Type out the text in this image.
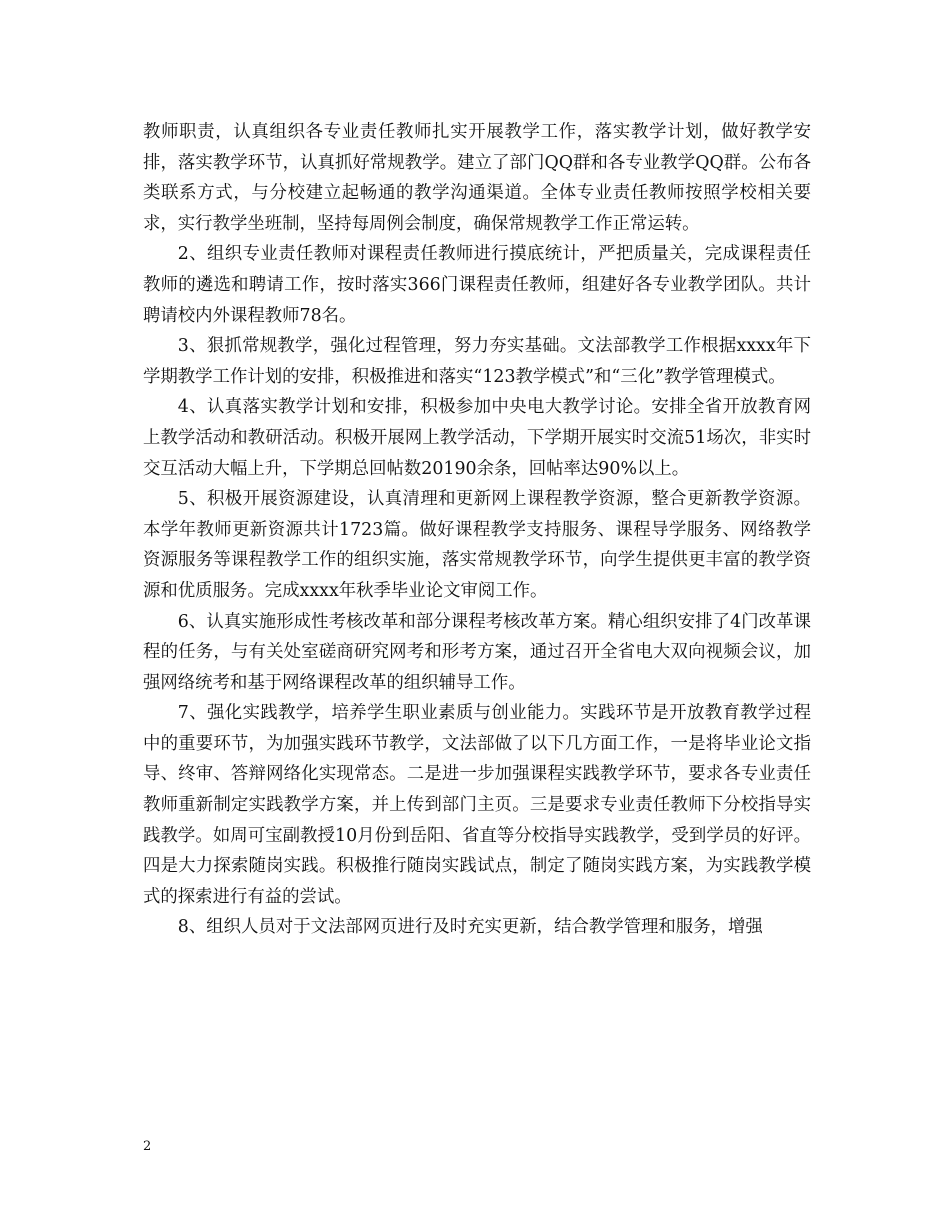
教师职责，认真组织各专业责任教师扎实开展教学工作，落实教学计划，做好教学安排，落实教学环节，认真抓好常规教学。建立了部门QQ群和各专业教学QQ群。公布各类联系方式，与分校建立起畅通的教学沟通渠道。全体专业责任教师按照学校相关要求，实行教学坐班制，坚持每周例会制度，确保常规教学工作正常运转。

2、组织专业责任教师对课程责任教师进行摸底统计，严把质量关，完成课程责任教师的遴选和聘请工作，按时落实366门课程责任教师，组建好各专业教学团队。共计聘请校内外课程教师78名。

3、狠抓常规教学，强化过程管理，努力夯实基础。文法部教学工作根据xxxx年下学期教学工作计划的安排，积极推进和落实“123教学模式”和“三化”教学管理模式。

4、认真落实教学计划和安排，积极参加中央电大教学讨论。安排全省开放教育网上教学活动和教研活动。积极开展网上教学活动，下学期开展实时交流51场次，非实时交互活动大幅上升，下学期总回帖数20190余条，回帖率达90%以上。

5、积极开展资源建设，认真清理和更新网上课程教学资源，整合更新教学资源。本学年教师更新资源共计1723篇。做好课程教学支持服务、课程导学服务、网络教学资源服务等课程教学工作的组织实施，落实常规教学环节，向学生提供更丰富的教学资源和优质服务。完成xxxx年秋季毕业论文审阅工作。

6、认真实施形成性考核改革和部分课程考核改革方案。精心组织安排了4门改革课程的任务，与有关处室磋商研究网考和形考方案，通过召开全省电大双向视频会议，加强网络统考和基于网络课程改革的组织辅导工作。

7、强化实践教学，培养学生职业素质与创业能力。实践环节是开放教育教学过程中的重要环节，为加强实践环节教学，文法部做了以下几方面工作，一是将毕业论文指导、终审、答辩网络化实现常态。二是进一步加强课程实践教学环节，要求各专业责任教师重新制定实践教学方案，并上传到部门主页。三是要求专业责任教师下分校指导实践教学。如周可宝副教授10月份到岳阳、省直等分校指导实践教学，受到学员的好评。四是大力探索随岗实践。积极推行随岗实践试点，制定了随岗实践方案，为实践教学模式的探索进行有益的尝试。

8、组织人员对于文法部网页进行及时充实更新，结合教学管理和服务，增强

2
